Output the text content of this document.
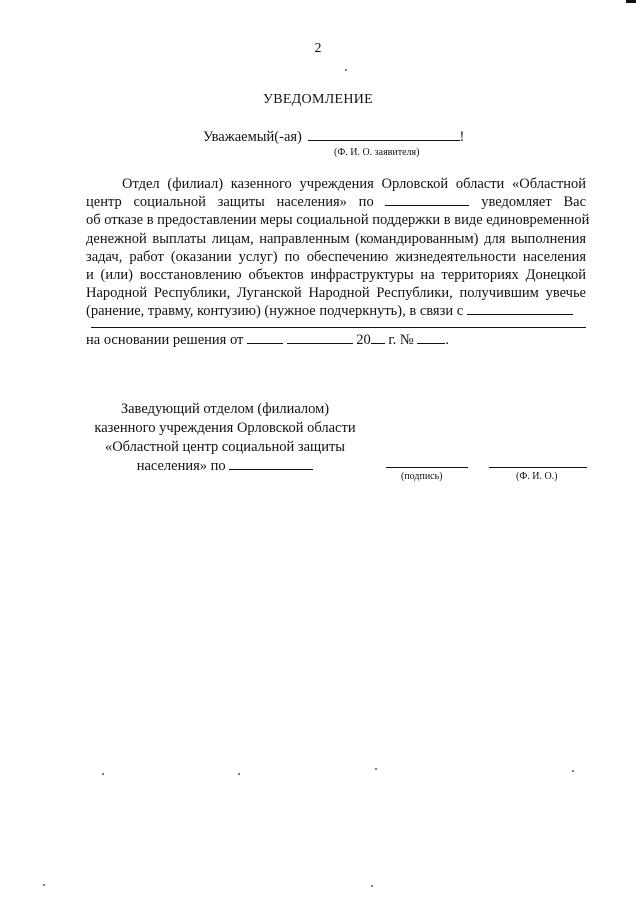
2
УВЕДОМЛЕНИЕ
Уважаемый(-ая)	!
(Ф. И. О. заявителя)
Отдел (филиал) казенного учреждения Орловской области «Областной
центр социальной защиты населения» по	уведомляет Вас
об отказе в предоставлении меры социальной поддержки в виде единовременной
денежной выплаты лицам, направленным (командированным) для выполнения
задач, работ (оказании услуг) по обеспечению жизнедеятельности населения
и (или) восстановлению объектов инфраструктуры на территориях Донецкой
Народной Республики, Луганской Народной Республики, получившим увечье
(ранение, травму, контузию) (нужное подчеркнуть), в связи с
на основании решения от	20 г. № .
Заведующий отделом (филиалом)
казенного учреждения Орловской области
«Областной центр социальной защиты
населения» по
(подпись)	(Ф. И. О.)
